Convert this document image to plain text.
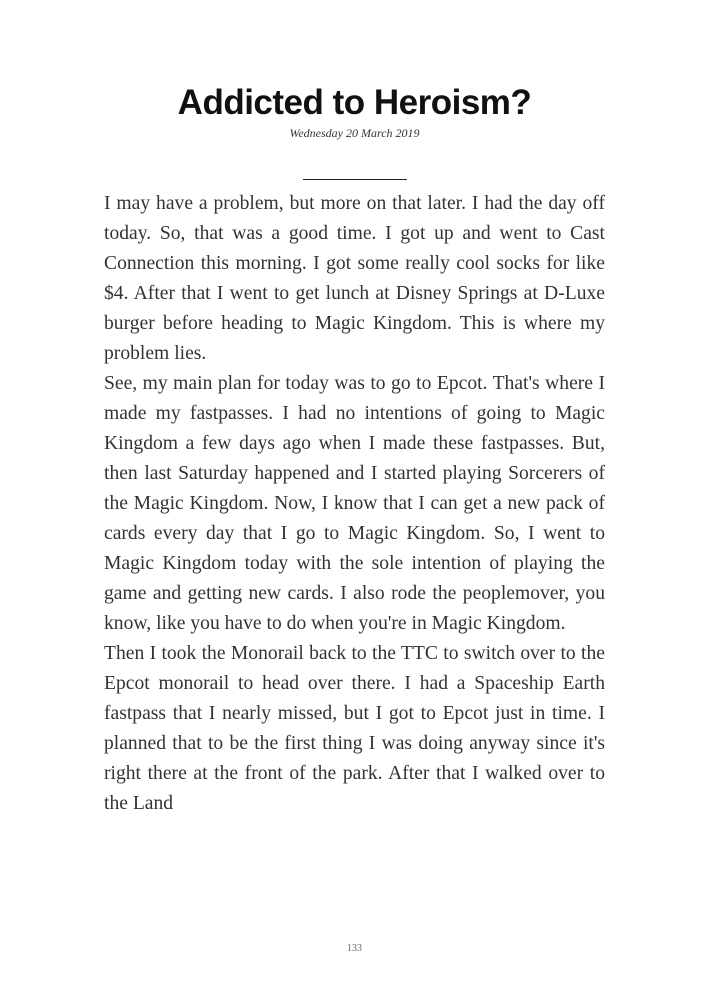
Addicted to Heroism?
Wednesday 20 March 2019

I may have a problem, but more on that later. I had the day off today. So, that was a good time. I got up and went to Cast Connection this morning. I got some really cool socks for like $4. After that I went to get lunch at Disney Springs at D-Luxe burger before heading to Magic Kingdom. This is where my problem lies.

See, my main plan for today was to go to Epcot. That's where I made my fastpasses. I had no intentions of going to Magic Kingdom a few days ago when I made these fastpasses. But, then last Saturday happened and I started playing Sorcerers of the Magic Kingdom. Now, I know that I can get a new pack of cards every day that I go to Magic Kingdom. So, I went to Magic Kingdom today with the sole intention of playing the game and getting new cards. I also rode the peoplemover, you know, like you have to do when you're in Magic Kingdom.

Then I took the Monorail back to the TTC to switch over to the Epcot monorail to head over there. I had a Spaceship Earth fastpass that I nearly missed, but I got to Epcot just in time. I planned that to be the first thing I was doing anyway since it's right there at the front of the park. After that I walked over to the Land

133
